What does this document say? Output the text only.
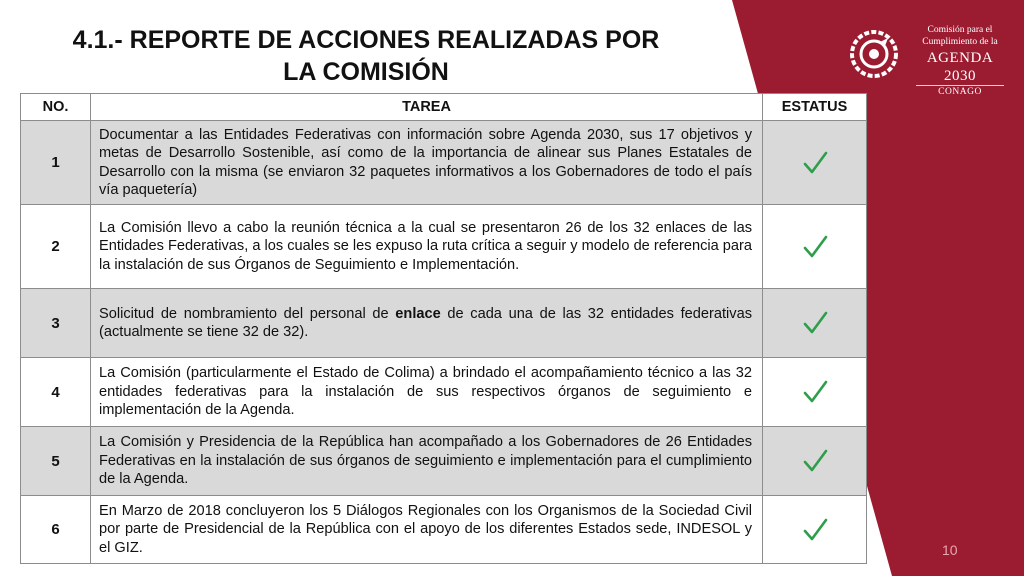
4.1.- REPORTE DE ACCIONES REALIZADAS POR
LA COMISIÓN
Comisión para el
Cumplimiento de la
AGENDA 2030
CONAGO
NO.	TAREA	ESTATUS
1	Documentar a las Entidades Federativas con información sobre Agenda 2030, sus 17 objetivos y metas de Desarrollo Sostenible, así como de la importancia de alinear sus Planes Estatales de Desarrollo con la misma (se enviaron 32 paquetes informativos a los Gobernadores de todo el país vía paquetería)	
2	La Comisión llevo a cabo la reunión técnica a la cual se presentaron 26 de los 32 enlaces de las Entidades Federativas, a los cuales se les expuso la ruta crítica a seguir y modelo de referencia para la instalación de sus Órganos de Seguimiento e Implementación.	
3	Solicitud de nombramiento del personal de enlace de cada una de las 32 entidades federativas (actualmente se tiene 32 de 32).	
4	La Comisión (particularmente el Estado de Colima) a brindado el acompañamiento técnico a las 32 entidades federativas para la instalación de sus respectivos órganos de seguimiento e implementación de la Agenda.	
5	La Comisión y Presidencia de la República han acompañado a los Gobernadores de 26 Entidades Federativas en la instalación de sus órganos de seguimiento e implementación para el cumplimiento de la Agenda.	
6	En Marzo de 2018 concluyeron los 5 Diálogos Regionales con los Organismos de la Sociedad Civil por parte de Presidencial de la República con el apoyo de los diferentes Estados sede, INDESOL y el GIZ.		10
